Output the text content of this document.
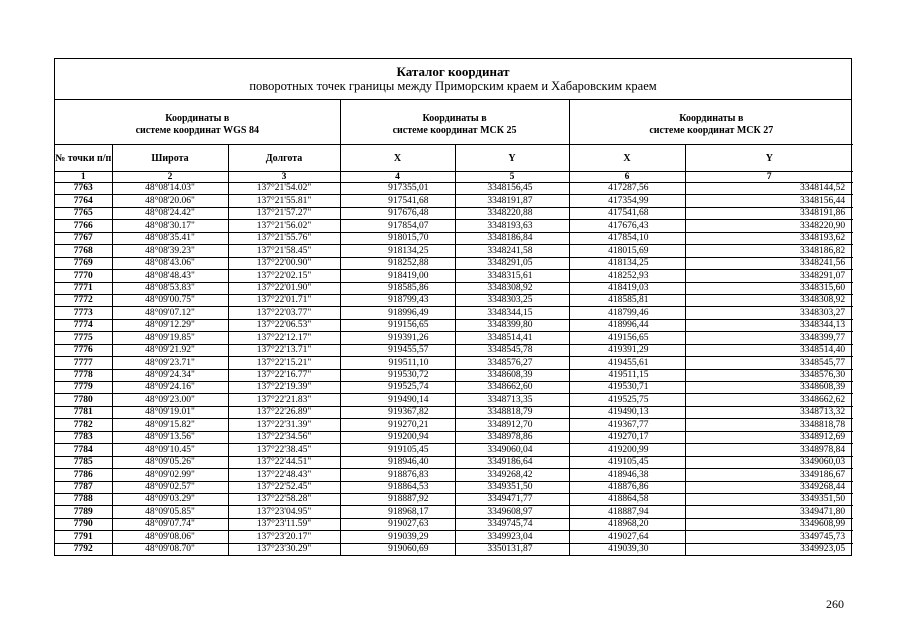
Каталог координат
поворотных точек границы между Приморским краем и Хабаровским краем
Координаты в
системе координат WGS 84			Координаты в
системе координат МСК 25		Координаты в
системе координат МСК 27	
№ точки п/п	Широта	Долгота	X	Y	X	Y
1	2	3	4	5	6	7
7763	48°08'14.03"	137°21'54.02"	917355,01	3348156,45	417287,56	3348144,52
7764	48°08'20.06"	137°21'55.81"	917541,68	3348191,87	417354,99	3348156,44
7765	48°08'24.42"	137°21'57.27"	917676,48	3348220,88	417541,68	3348191,86
7766	48°08'30.17"	137°21'56.02"	917854,07	3348193,63	417676,43	3348220,90
7767	48°08'35.41"	137°21'55.76"	918015,70	3348186,84	417854,10	3348193,62
7768	48°08'39.23"	137°21'58.45"	918134,25	3348241,58	418015,69	3348186,82
7769	48°08'43.06"	137°22'00.90"	918252,88	3348291,05	418134,25	3348241,56
7770	48°08'48.43"	137°22'02.15"	918419,00	3348315,61	418252,93	3348291,07
7771	48°08'53.83"	137°22'01.90"	918585,86	3348308,92	418419,03	3348315,60
7772	48°09'00.75"	137°22'01.71"	918799,43	3348303,25	418585,81	3348308,92
7773	48°09'07.12"	137°22'03.77"	918996,49	3348344,15	418799,46	3348303,27
7774	48°09'12.29"	137°22'06.53"	919156,65	3348399,80	418996,44	3348344,13
7775	48°09'19.85"	137°22'12.17"	919391,26	3348514,41	419156,65	3348399,77
7776	48°09'21.92"	137°22'13.71"	919455,57	3348545,78	419391,29	3348514,40
7777	48°09'23.71"	137°22'15.21"	919511,10	3348576,27	419455,61	3348545,77
7778	48°09'24.34"	137°22'16.77"	919530,72	3348608,39	419511,15	3348576,30
7779	48°09'24.16"	137°22'19.39"	919525,74	3348662,60	419530,71	3348608,39
7780	48°09'23.00"	137°22'21.83"	919490,14	3348713,35	419525,75	3348662,62
7781	48°09'19.01"	137°22'26.89"	919367,82	3348818,79	419490,13	3348713,32
7782	48°09'15.82"	137°22'31.39"	919270,21	3348912,70	419367,77	3348818,78
7783	48°09'13.56"	137°22'34.56"	919200,94	3348978,86	419270,17	3348912,69
7784	48°09'10.45"	137°22'38.45"	919105,45	3349060,04	419200,99	3348978,84
7785	48°09'05.26"	137°22'44.51"	918946,40	3349186,64	419105,45	3349060,03
7786	48°09'02.99"	137°22'48.43"	918876,83	3349268,42	418946,38	3349186,67
7787	48°09'02.57"	137°22'52.45"	918864,53	3349351,50	418876,86	3349268,44
7788	48°09'03.29"	137°22'58.28"	918887,92	3349471,77	418864,58	3349351,50
7789	48°09'05.85"	137°23'04.95"	918968,17	3349608,97	418887,94	3349471,80
7790	48°09'07.74"	137°23'11.59"	919027,63	3349745,74	418968,20	3349608,99
7791	48°09'08.06"	137°23'20.17"	919039,29	3349923,04	419027,64	3349745,73
7792	48°09'08.70"	137°23'30.29"	919060,69	3350131,87	419039,30	3349923,05
260
